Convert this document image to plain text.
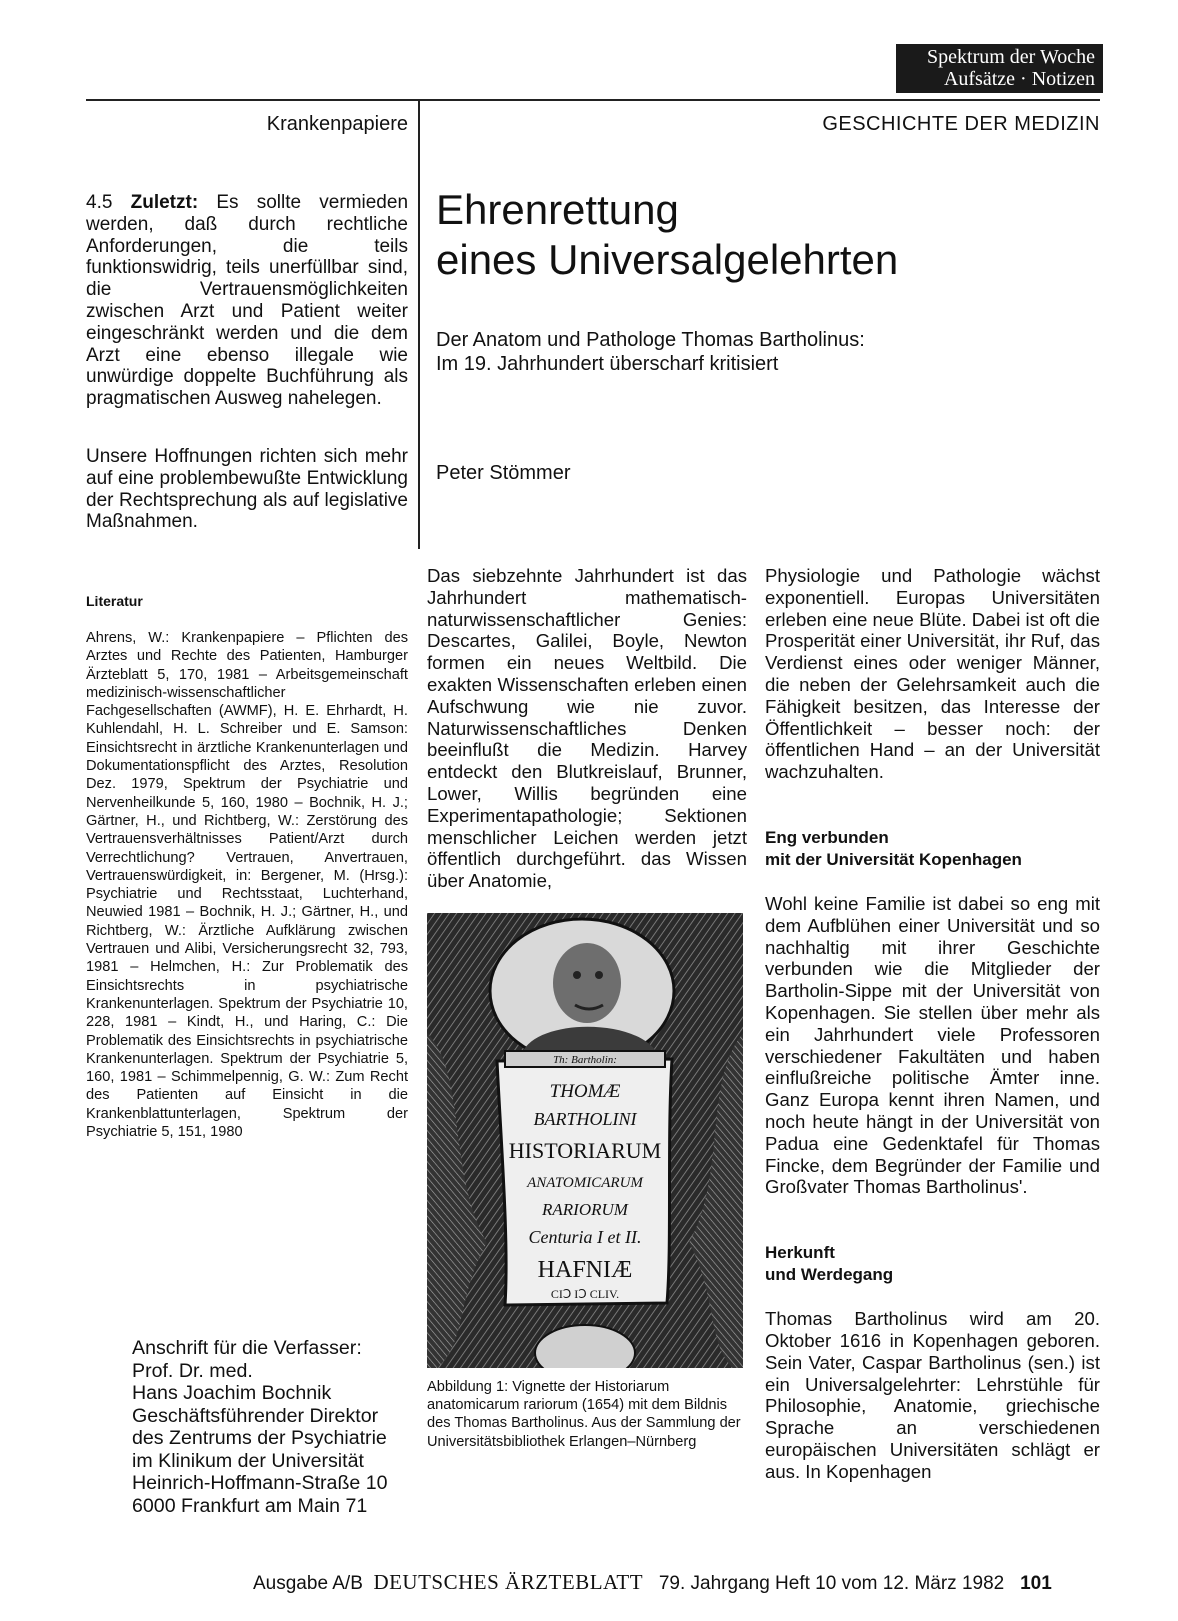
Spektrum der Woche
Aufsätze · Notizen
Krankenpapiere	GESCHICHTE DER MEDIZIN

4.5 Zuletzt: Es sollte vermieden werden, daß durch rechtliche Anforderungen, die teils funktionswidrig, teils unerfüllbar sind, die Vertrauensmöglichkeiten zwischen Arzt und Patient weiter eingeschränkt werden und die dem Arzt eine ebenso illegale wie unwürdige doppelte Buchführung als pragmatischen Ausweg nahelegen.

Unsere Hoffnungen richten sich mehr auf eine problembewußte Entwicklung der Rechtsprechung als auf legislative Maßnahmen.

Literatur

Ahrens, W.: Krankenpapiere – Pflichten des Arztes und Rechte des Patienten, Hamburger Ärzteblatt 5, 170, 1981 – Arbeitsgemeinschaft medizinisch-wissenschaftlicher Fachgesellschaften (AWMF), H. E. Ehrhardt, H. Kuhlendahl, H. L. Schreiber und E. Samson: Einsichtsrecht in ärztliche Krankenunterlagen und Dokumentationspflicht des Arztes, Resolution Dez. 1979, Spektrum der Psychiatrie und Nervenheilkunde 5, 160, 1980 – Bochnik, H. J.; Gärtner, H., und Richtberg, W.: Zerstörung des Vertrauensverhältnisses Patient/Arzt durch Verrechtlichung? Vertrauen, Anvertrauen, Vertrauenswürdigkeit, in: Bergener, M. (Hrsg.): Psychiatrie und Rechtsstaat, Luchterhand, Neuwied 1981 – Bochnik, H. J.; Gärtner, H., und Richtberg, W.: Ärztliche Aufklärung zwischen Vertrauen und Alibi, Versicherungsrecht 32, 793, 1981 – Helmchen, H.: Zur Problematik des Einsichtsrechts in psychiatrische Krankenunterlagen. Spektrum der Psychiatrie 10, 228, 1981 – Kindt, H., und Haring, C.: Die Problematik des Einsichtsrechts in psychiatrische Krankenunterlagen. Spektrum der Psychiatrie 5, 160, 1981 – Schimmelpennig, G. W.: Zum Recht des Patienten auf Einsicht in die Krankenblattunterlagen, Spektrum der Psychiatrie 5, 151, 1980

Anschrift für die Verfasser:
Prof. Dr. med.
Hans Joachim Bochnik
Geschäftsführender Direktor
des Zentrums der Psychiatrie
im Klinikum der Universität
Heinrich-Hoffmann-Straße 10
6000 Frankfurt am Main 71
Ehrenrettung
eines Universalgelehrten
Der Anatom und Pathologe Thomas Bartholinus:
Im 19. Jahrhundert überscharf kritisiert
Peter Stömmer

Das siebzehnte Jahrhundert ist das Jahrhundert mathematisch-naturwissenschaftlicher Genies: Descartes, Galilei, Boyle, Newton formen ein neues Weltbild. Die exakten Wissenschaften erleben einen Aufschwung wie nie zuvor. Naturwissenschaftliches Denken beeinflußt die Medizin. Harvey entdeckt den Blutkreislauf, Brunner, Lower, Willis begründen eine Experimentapathologie; Sektionen menschlicher Leichen werden jetzt öffentlich durchgeführt. das Wissen über Anatomie,

Th: Bartholin:
THOMÆ
BARTHOLINI
HISTORIARUM
ANATOMICARUM
RARIORUM
Centuria I et II.
HAFNIÆ
CIↃ IↃ CLIV.
Abbildung 1: Vignette der Historiarum anatomicarum rariorum (1654) mit dem Bildnis des Thomas Bartholinus. Aus der Sammlung der Universitätsbibliothek Erlangen–Nürnberg

Physiologie und Pathologie wächst exponentiell. Europas Universitäten erleben eine neue Blüte. Dabei ist oft die Prosperität einer Universität, ihr Ruf, das Verdienst eines oder weniger Männer, die neben der Gelehrsamkeit auch die Fähigkeit besitzen, das Interesse der Öffentlichkeit – besser noch: der öffentlichen Hand – an der Universität wachzuhalten.

Eng verbunden
mit der Universität Kopenhagen

Wohl keine Familie ist dabei so eng mit dem Aufblühen einer Universität und so nachhaltig mit ihrer Geschichte verbunden wie die Mitglieder der Bartholin-Sippe mit der Universität von Kopenhagen. Sie stellen über mehr als ein Jahrhundert viele Professoren verschiedener Fakultäten und haben einflußreiche politische Ämter inne. Ganz Europa kennt ihren Namen, und noch heute hängt in der Universität von Padua eine Gedenktafel für Thomas Fincke, dem Begründer der Familie und Großvater Thomas Bartholinus'.

Herkunft
und Werdegang

Thomas Bartholinus wird am 20. Oktober 1616 in Kopenhagen geboren. Sein Vater, Caspar Bartholinus (sen.) ist ein Universalgelehrter: Lehrstühle für Philosophie, Anatomie, griechische Sprache an verschiedenen europäischen Universitäten schlägt er aus. In Kopenhagen

Ausgabe A/B DEUTSCHES ÄRZTEBLATT 79. Jahrgang Heft 10 vom 12. März 1982 101
